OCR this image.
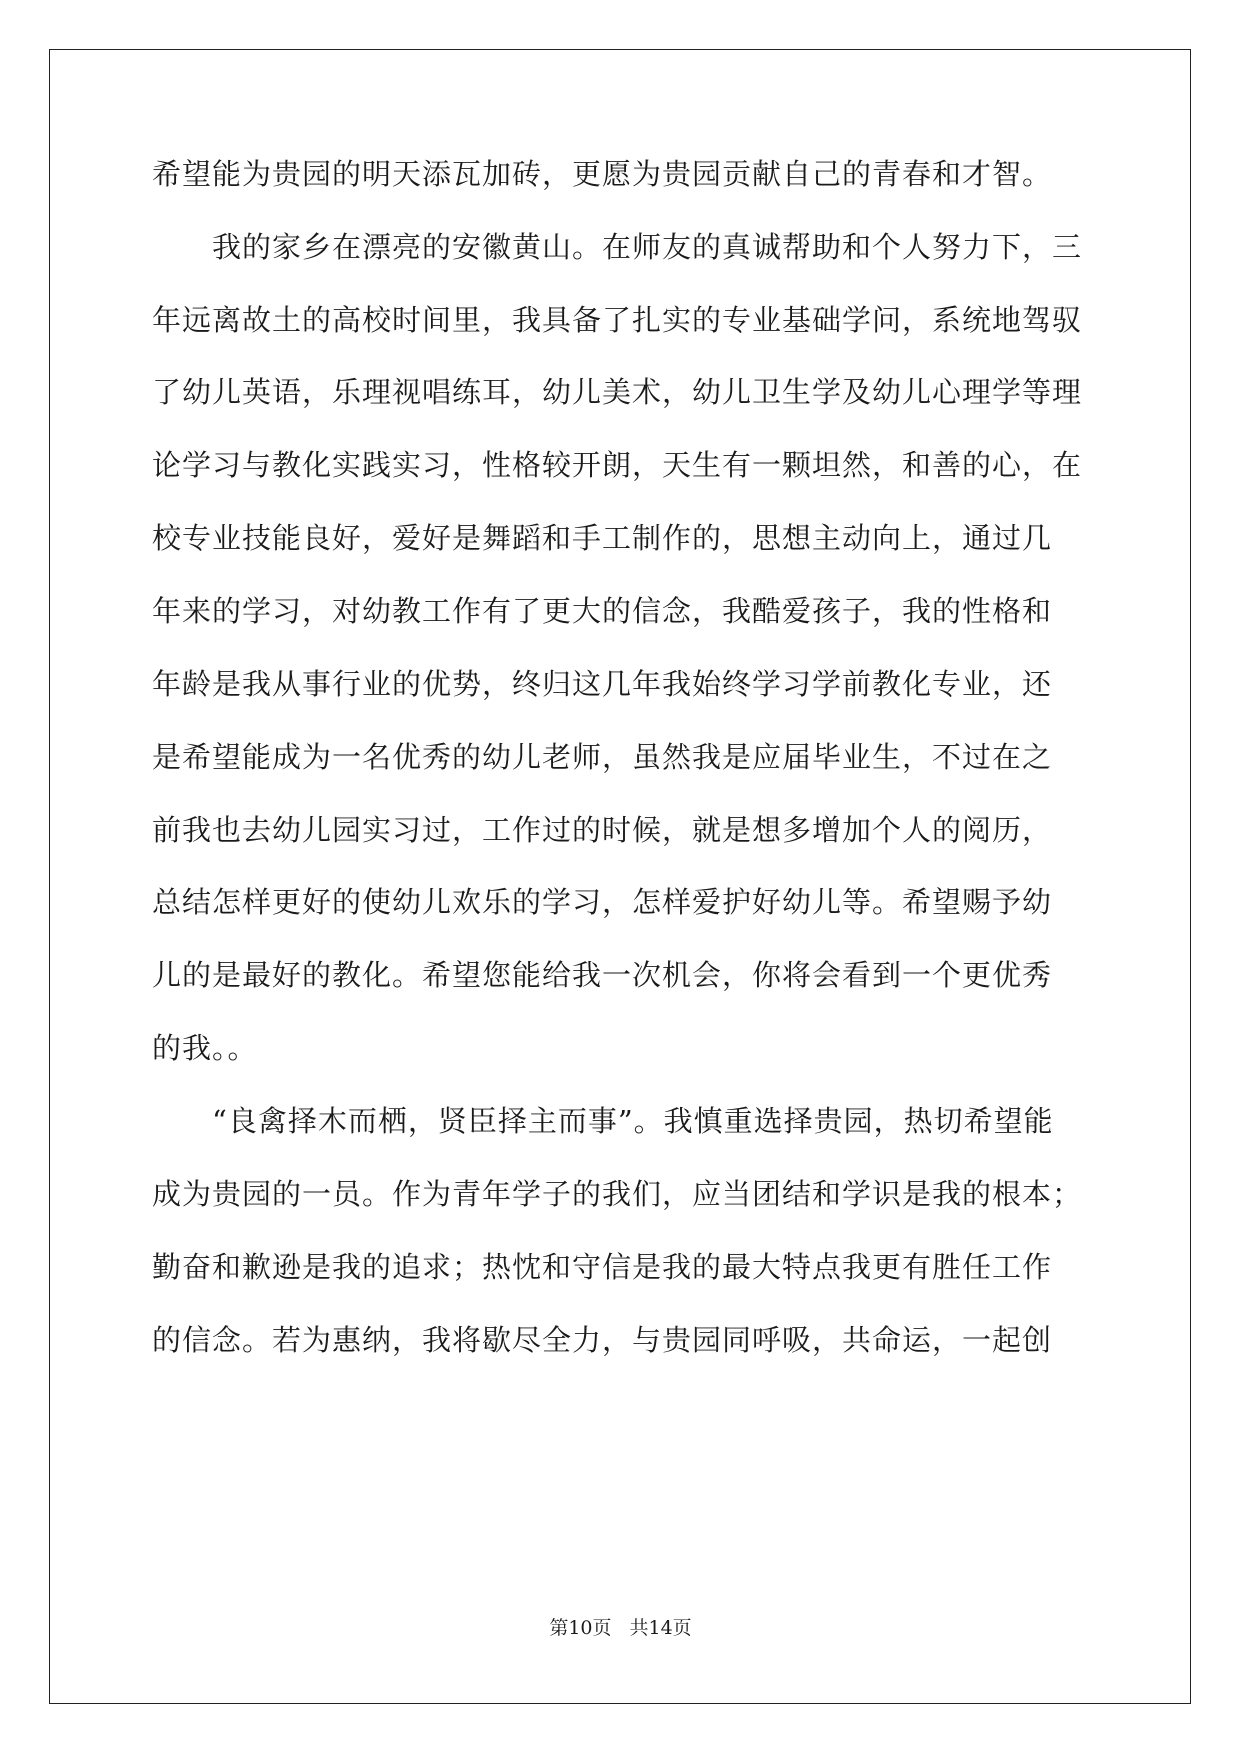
希望能为贵园的明天添瓦加砖，更愿为贵园贡献自己的青春和才智。
　　我的家乡在漂亮的安徽黄山。在师友的真诚帮助和个人努力下，三
年远离故土的高校时间里，我具备了扎实的专业基础学问，系统地驾驭
了幼儿英语，乐理视唱练耳，幼儿美术，幼儿卫生学及幼儿心理学等理
论学习与教化实践实习，性格较开朗，天生有一颗坦然，和善的心，在
校专业技能良好，爱好是舞蹈和手工制作的，思想主动向上，通过几
年来的学习，对幼教工作有了更大的信念，我酷爱孩子，我的性格和
年龄是我从事行业的优势，终归这几年我始终学习学前教化专业，还
是希望能成为一名优秀的幼儿老师，虽然我是应届毕业生，不过在之
前我也去幼儿园实习过，工作过的时候，就是想多增加个人的阅历，
总结怎样更好的使幼儿欢乐的学习，怎样爱护好幼儿等。希望赐予幼
儿的是最好的教化。希望您能给我一次机会，你将会看到一个更优秀
的我。。
　　“良禽择木而栖，贤臣择主而事”。我慎重选择贵园，热切希望能
成为贵园的一员。作为青年学子的我们，应当团结和学识是我的根本；
勤奋和歉逊是我的追求；热忱和守信是我的最大特点我更有胜任工作
的信念。若为惠纳，我将歇尽全力，与贵园同呼吸，共命运，一起创
第10页 共14页
